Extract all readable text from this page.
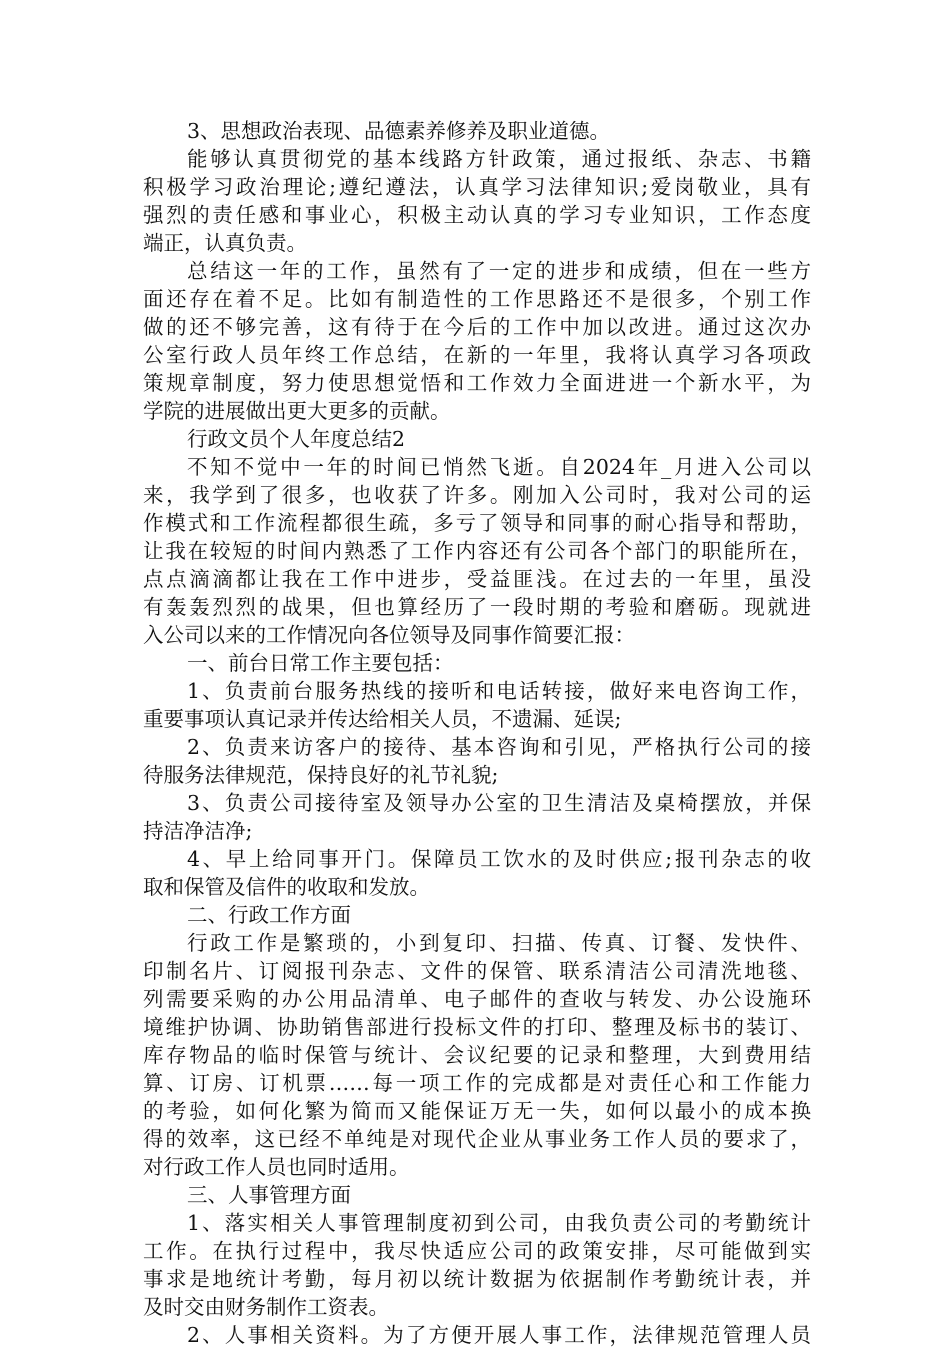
3、思想政治表现、品德素养修养及职业道德。
能够认真贯彻党的基本线路方针政策，通过报纸、杂志、书籍
积极学习政治理论;遵纪遵法，认真学习法律知识;爱岗敬业，具有
强烈的责任感和事业心，积极主动认真的学习专业知识，工作态度
端正，认真负责。
总结这一年的工作，虽然有了一定的进步和成绩，但在一些方
面还存在着不足。比如有制造性的工作思路还不是很多，个别工作
做的还不够完善，这有待于在今后的工作中加以改进。通过这次办
公室行政人员年终工作总结，在新的一年里，我将认真学习各项政
策规章制度，努力使思想觉悟和工作效力全面进进一个新水平，为
学院的进展做出更大更多的贡献。
行政文员个人年度总结2
不知不觉中一年的时间已悄然飞逝。自2024年_月进入公司以
来，我学到了很多，也收获了许多。刚加入公司时，我对公司的运
作模式和工作流程都很生疏，多亏了领导和同事的耐心指导和帮助，
让我在较短的时间内熟悉了工作内容还有公司各个部门的职能所在，
点点滴滴都让我在工作中进步，受益匪浅。在过去的一年里，虽没
有轰轰烈烈的战果，但也算经历了一段时期的考验和磨砺。现就进
入公司以来的工作情况向各位领导及同事作简要汇报：
一、前台日常工作主要包括：
1、负责前台服务热线的接听和电话转接，做好来电咨询工作，
重要事项认真记录并传达给相关人员，不遗漏、延误;
2、负责来访客户的接待、基本咨询和引见，严格执行公司的接
待服务法律规范，保持良好的礼节礼貌;
3、负责公司接待室及领导办公室的卫生清洁及桌椅摆放，并保
持洁净洁净;
4、早上给同事开门。保障员工饮水的及时供应;报刊杂志的收
取和保管及信件的收取和发放。
二、行政工作方面
行政工作是繁琐的，小到复印、扫描、传真、订餐、发快件、
印制名片、订阅报刊杂志、文件的保管、联系清洁公司清洗地毯、
列需要采购的办公用品清单、电子邮件的查收与转发、办公设施环
境维护协调、协助销售部进行投标文件的打印、整理及标书的装订、
库存物品的临时保管与统计、会议纪要的记录和整理，大到费用结
算、订房、订机票……每一项工作的完成都是对责任心和工作能力
的考验，如何化繁为简而又能保证万无一失，如何以最小的成本换
得的效率，这已经不单纯是对现代企业从事业务工作人员的要求了，
对行政工作人员也同时适用。
三、人事管理方面
1、落实相关人事管理制度初到公司，由我负责公司的考勤统计
工作。在执行过程中，我尽快适应公司的政策安排，尽可能做到实
事求是地统计考勤，每月初以统计数据为依据制作考勤统计表，并
及时交由财务制作工资表。
2、人事相关资料。为了方便开展人事工作，法律规范管理人员
